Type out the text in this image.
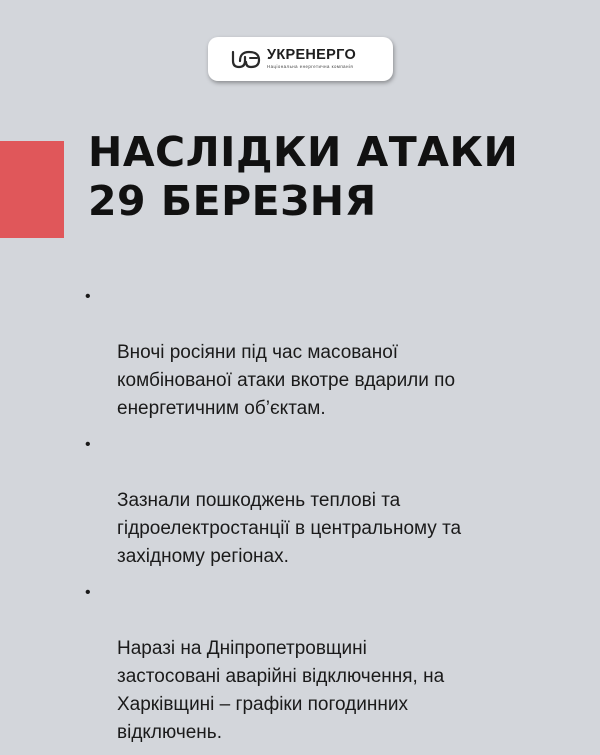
УКРЕНЕРГО
Національна енергетична компанія
НАСЛІДКИ АТАКИ
29 БЕРЕЗНЯ

•

Вночі росіяни під час масованої
комбінованої атаки вкотре вдарили по
енергетичним об’єктам.

•

Зазнали пошкоджень теплові та
гідроелектростанції в центральному та
західному регіонах.

•

Наразі на Дніпропетровщині
застосовані аварійні відключення, на
Харківщині – графіки погодинних
відключень.
